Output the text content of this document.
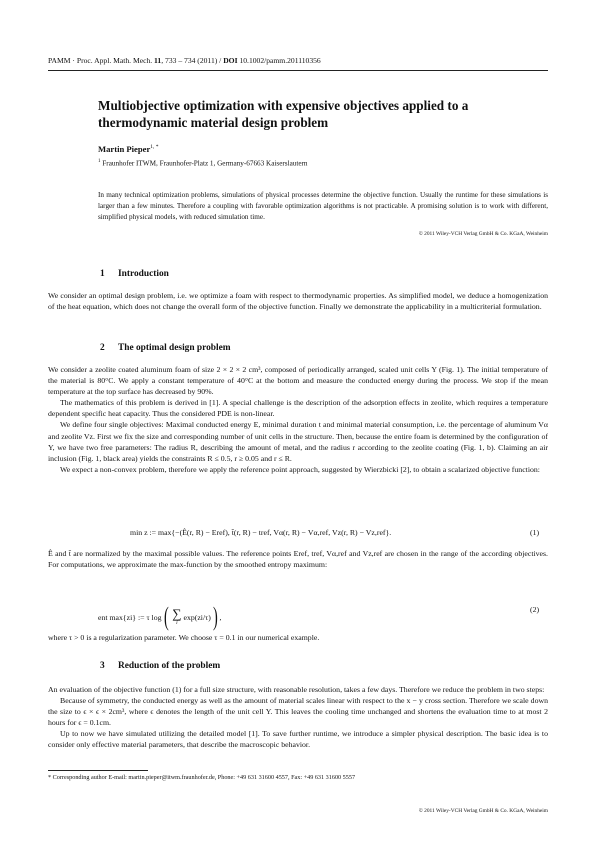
PAMM · Proc. Appl. Math. Mech. 11, 733 – 734 (2011) / DOI 10.1002/pamm.201110356
Multiobjective optimization with expensive objectives applied to a thermodynamic material design problem
Martin Pieper$^{1, *}$
$^1$ Fraunhofer ITWM, Fraunhofer-Platz 1, Germany-67663 Kaiserslautern
In many technical optimization problems, simulations of physical processes determine the objective function. Usually the runtime for these simulations is larger than a few minutes. Therefore a coupling with favorable optimization algorithms is not practicable. A promising solution is to work with different, simplified physical models, with reduced simulation time.
© 2011 Wiley-VCH Verlag GmbH & Co. KGaA, Weinheim
1 Introduction

We consider an optimal design problem, i.e. we optimize a foam with respect to thermodynamic properties. As simplified model, we deduce a homogenization of the heat equation, which does not change the overall form of the objective function. Finally we demonstrate the applicability in a multicriterial formulation.

2 The optimal design problem

We consider a zeolite coated aluminum foam of size 2 × 2 × 2 cm³, composed of periodically arranged, scaled unit cells Y (Fig. 1). The initial temperature of the material is 80°C. We apply a constant temperature of 40°C at the bottom and measure the conducted energy during the process. We stop if the mean temperature at the top surface has decreased by 90%.

The mathematics of this problem is derived in [1]. A special challenge is the description of the adsorption effects in zeolite, which requires a temperature dependent specific heat capacity. Thus the considered PDE is non-linear.

We define four single objectives: Maximal conducted energy E, minimal duration t and minimal material consumption, i.e. the percentage of aluminum Vα and zeolite Vz. First we fix the size and corresponding number of unit cells in the structure. Then, because the entire foam is determined by the configuration of Y, we have two free parameters: The radius R, describing the amount of metal, and the radius r according to the zeolite coating (Fig. 1, b). Claiming an air inclusion (Fig. 1, black area) yields the constraints R ≤ 0.5, r ≥ 0.05 and r ≤ R.

We expect a non-convex problem, therefore we apply the reference point approach, suggested by Wierzbicki [2], to obtain a scalarized objective function:

min z := max{−(Ê(r, R) − Eref), t̂(r, R) − tref, Vα(r, R) − Vα,ref, Vz(r, R) − Vz,ref}.	(1)

Ê and t̂ are normalized by the maximal possible values. The reference points Eref, tref, Vα,ref and Vz,ref are chosen in the range of the according objectives. For computations, we approximate the max-function by the smoothed entropy maximum:

ent max{zi} := τ log ( ∑
i
exp(zi/τ) ) ,
(2)

where τ > 0 is a regularization parameter. We choose τ = 0.1 in our numerical example.

3 Reduction of the problem

An evaluation of the objective function (1) for a full size structure, with reasonable resolution, takes a few days. Therefore we reduce the problem in two steps:

Because of symmetry, the conducted energy as well as the amount of material scales linear with respect to the x − y cross section. Therefore we scale down the size to ϵ × ϵ × 2cm³, where ϵ denotes the length of the unit cell Y. This leaves the cooling time unchanged and shortens the evaluation time to at most 2 hours for ϵ = 0.1cm.

Up to now we have simulated utilizing the detailed model [1]. To save further runtime, we introduce a simpler physical description. The basic idea is to consider only effective material parameters, that describe the macroscopic behavior.

* Corresponding author E-mail: martin.pieper@itwm.fraunhofer.de, Phone: +49 631 31600 4557, Fax: +49 631 31600 5557
© 2011 Wiley-VCH Verlag GmbH & Co. KGaA, Weinheim
